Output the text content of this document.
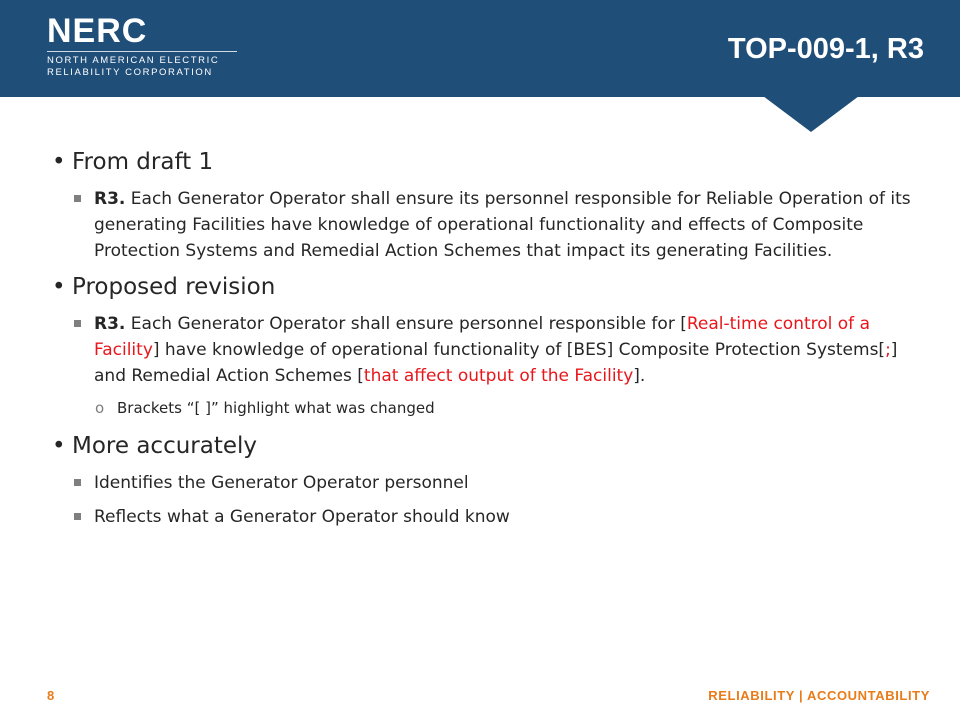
NERC
NORTH AMERICAN ELECTRIC
RELIABILITY CORPORATION
TOP-009-1, R3
• From draft 1
R3. Each Generator Operator shall ensure its personnel responsible for Reliable Operation of its generating Facilities have knowledge of operational functionality and effects of Composite Protection Systems and Remedial Action Schemes that impact its generating Facilities.
• Proposed revision
R3. Each Generator Operator shall ensure personnel responsible for [Real-time control of a Facility] have knowledge of operational functionality of [BES] Composite Protection Systems[;] and Remedial Action Schemes [that affect output of the Facility].
o Brackets “[ ]” highlight what was changed
• More accurately
Identifies the Generator Operator personnel
Reflects what a Generator Operator should know
8	RELIABILITY | ACCOUNTABILITY
